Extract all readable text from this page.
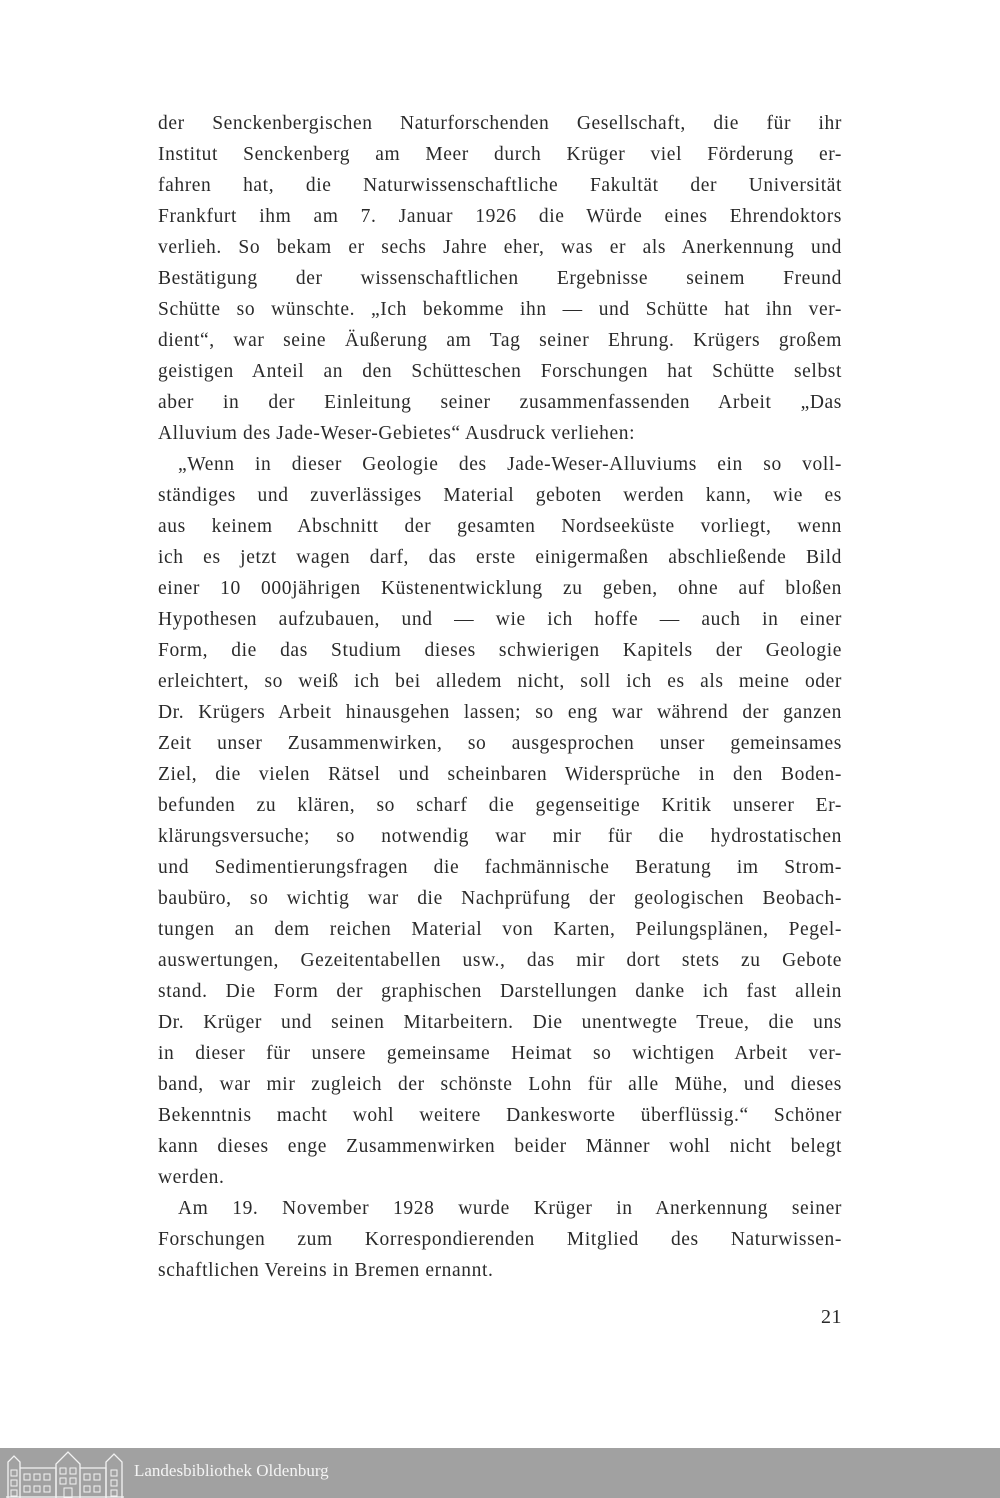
der Senckenbergischen Naturforschenden Gesellschaft, die für ihr
Institut Senckenberg am Meer durch Krüger viel Förderung er-
fahren hat, die Naturwissenschaftliche Fakultät der Universität
Frankfurt ihm am 7. Januar 1926 die Würde eines Ehrendoktors
verlieh. So bekam er sechs Jahre eher, was er als Anerkennung und
Bestätigung der wissenschaftlichen Ergebnisse seinem Freund
Schütte so wünschte. „Ich bekomme ihn — und Schütte hat ihn ver-
dient“, war seine Äußerung am Tag seiner Ehrung. Krügers großem
geistigen Anteil an den Schütteschen Forschungen hat Schütte selbst
aber in der Einleitung seiner zusammenfassenden Arbeit „Das
Alluvium des Jade-Weser-Gebietes“ Ausdruck verliehen:
„Wenn in dieser Geologie des Jade-Weser-Alluviums ein so voll-
ständiges und zuverlässiges Material geboten werden kann, wie es
aus keinem Abschnitt der gesamten Nordseeküste vorliegt, wenn
ich es jetzt wagen darf, das erste einigermaßen abschließende Bild
einer 10 000jährigen Küstenentwicklung zu geben, ohne auf bloßen
Hypothesen aufzubauen, und — wie ich hoffe — auch in einer
Form, die das Studium dieses schwierigen Kapitels der Geologie
erleichtert, so weiß ich bei alledem nicht, soll ich es als meine oder
Dr. Krügers Arbeit hinausgehen lassen; so eng war während der ganzen
Zeit unser Zusammenwirken, so ausgesprochen unser gemeinsames
Ziel, die vielen Rätsel und scheinbaren Widersprüche in den Boden-
befunden zu klären, so scharf die gegenseitige Kritik unserer Er-
klärungsversuche; so notwendig war mir für die hydrostatischen
und Sedimentierungsfragen die fachmännische Beratung im Strom-
baubüro, so wichtig war die Nachprüfung der geologischen Beobach-
tungen an dem reichen Material von Karten, Peilungsplänen, Pegel-
auswertungen, Gezeitentabellen usw., das mir dort stets zu Gebote
stand. Die Form der graphischen Darstellungen danke ich fast allein
Dr. Krüger und seinen Mitarbeitern. Die unentwegte Treue, die uns
in dieser für unsere gemeinsame Heimat so wichtigen Arbeit ver-
band, war mir zugleich der schönste Lohn für alle Mühe, und dieses
Bekenntnis macht wohl weitere Dankesworte überflüssig.“ Schöner
kann dieses enge Zusammenwirken beider Männer wohl nicht belegt
werden.
Am 19. November 1928 wurde Krüger in Anerkennung seiner
Forschungen zum Korrespondierenden Mitglied des Naturwissen-
schaftlichen Vereins in Bremen ernannt.
21
Landesbibliothek Oldenburg
